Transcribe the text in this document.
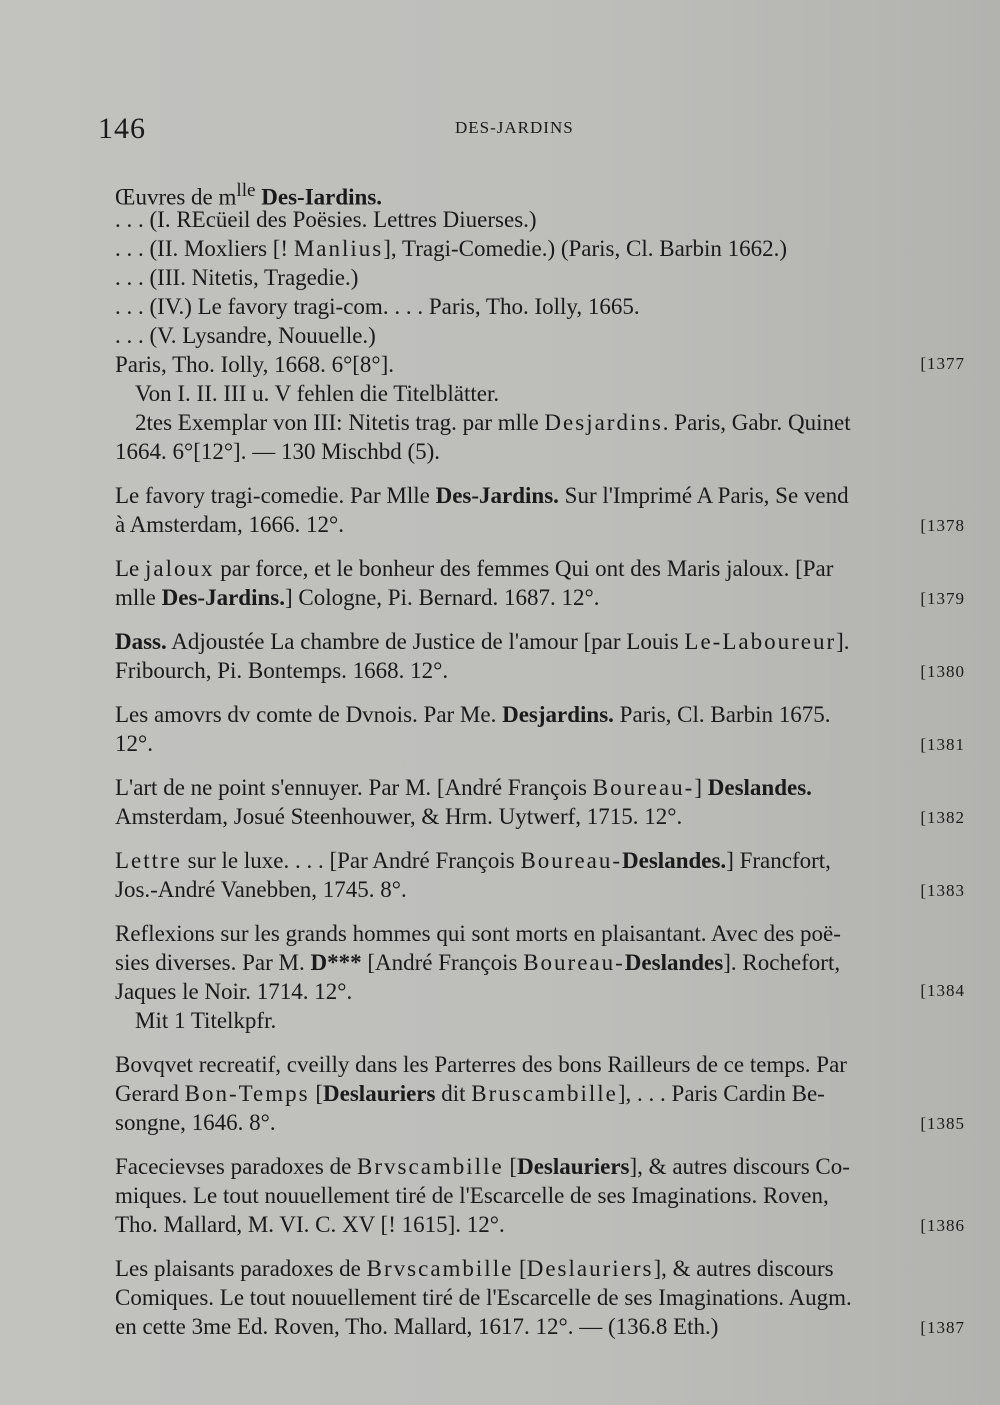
146	DES-JARDINS
Œuvres de $m^{lle}$ Des-Iardins.
. . . (I. REcüeil des Poësies. Lettres Diuerses.)
. . . (II. Moxliers [! Manlius], Tragi-Comedie.) (Paris, Cl. Barbin 1662.)
. . . (III. Nitetis, Tragedie.)
. . . (IV.) Le favory tragi-com. . . . Paris, Tho. Iolly, 1665.
. . . (V. Lysandre, Nouuelle.)
Paris, Tho. Iolly, 1668. 6°[8°].
Von I. II. III u. V fehlen die Titelblätter.
2tes Exemplar von III: Nitetis trag. par mlle Desjardins. Paris, Gabr. Quinet
1664. 6°[12°]. — 130 Mischbd (5).
[1377
Le favory tragi-comedie. Par Mlle Des-Jardins. Sur l'Imprimé A Paris, Se vend
à Amsterdam, 1666. 12°.	[1378
Le jaloux par force, et le bonheur des femmes Qui ont des Maris jaloux. [Par
mlle Des-Jardins.] Cologne, Pi. Bernard. 1687. 12°.	[1379
Dass. Adjoustée La chambre de Justice de l'amour [par Louis Le-Laboureur].
Fribourch, Pi. Bontemps. 1668. 12°.	[1380
Les amovrs dv comte de Dvnois. Par Me. Desjardins. Paris, Cl. Barbin 1675.
12°.	[1381
L'art de ne point s'ennuyer. Par M. [André François Boureau-] Deslandes.
Amsterdam, Josué Steenhouwer, & Hrm. Uytwerf, 1715. 12°.	[1382
Lettre sur le luxe. . . . [Par André François Boureau-Deslandes.] Francfort,
Jos.-André Vanebben, 1745. 8°.	[1383
Reflexions sur les grands hommes qui sont morts en plaisantant. Avec des poë-
sies diverses. Par M. D*** [André François Boureau-Deslandes]. Rochefort,
Jaques le Noir. 1714. 12°.
Mit 1 Titelkpfr.
[1384
Bovqvet recreatif, cveilly dans les Parterres des bons Railleurs de ce temps. Par
Gerard Bon-Temps [Deslauriers dit Bruscambille], . . . Paris Cardin Be-
songne, 1646. 8°.	[1385
Facecievses paradoxes de Brvscambille [Deslauriers], & autres discours Co-
miques. Le tout nouuellement tiré de l'Escarcelle de ses Imaginations. Roven,
Tho. Mallard, M. VI. C. XV [! 1615]. 12°.	[1386
Les plaisants paradoxes de Brvscambille [Deslauriers], & autres discours
Comiques. Le tout nouuellement tiré de l'Escarcelle de ses Imaginations. Augm.
en cette 3me Ed. Roven, Tho. Mallard, 1617. 12°. — (136.8 Eth.)	[1387
